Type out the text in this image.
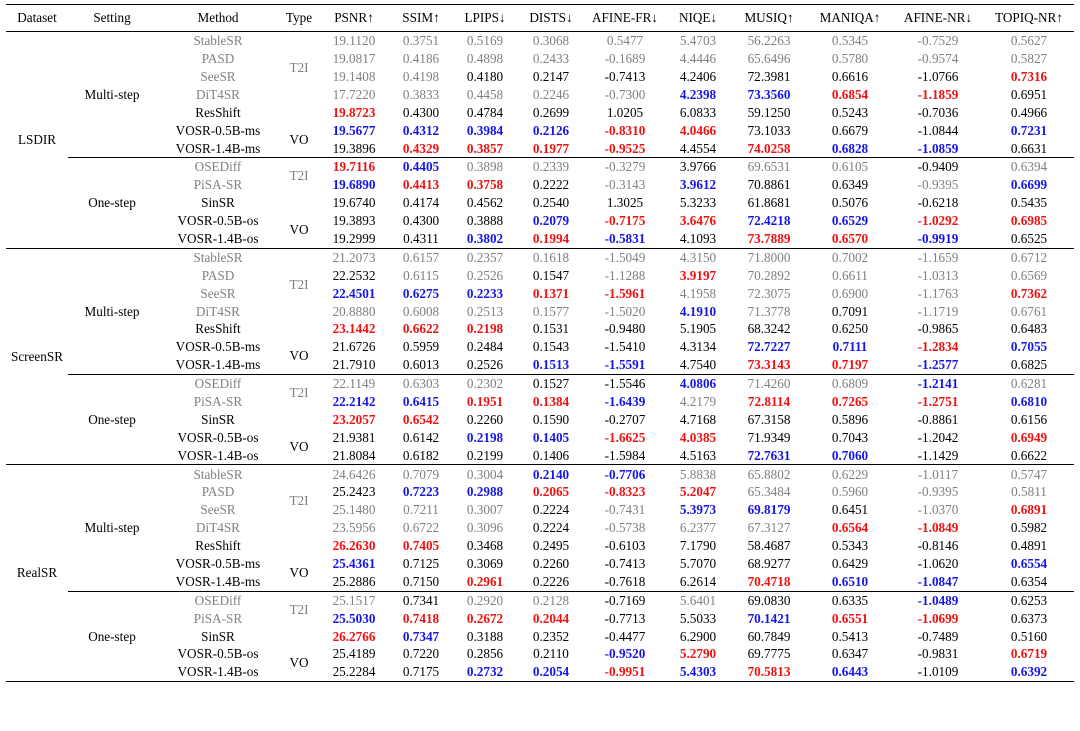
Dataset	Setting	Method	Type	PSNR↑	SSIM↑	LPIPS↓	DISTS↓	AFINE-FR↓	NIQE↓	MUSIQ↑	MANIQA↑	AFINE-NR↓	TOPIQ-NR↑
LSDIR	Multi-step	StableSR	T2I	19.1120	0.3751	0.5169	0.3068	0.5477	5.4703	56.2263	0.5345	-0.7529	0.5627
		PASD		19.0817	0.4186	0.4898	0.2433	-0.1689	4.4446	65.6496	0.5780	-0.9574	0.5827
		SeeSR		19.1408	0.4198	0.4180	0.2147	-0.7413	4.2406	72.3981	0.6616	-1.0766	0.7316
		DiT4SR		17.7220	0.3833	0.4458	0.2246	-0.7300	4.2398	73.3560	0.6854	-1.1859	0.6951
		ResShift		19.8723	0.4300	0.4784	0.2699	1.0205	6.0833	59.1250	0.5243	-0.7036	0.4966
		VOSR-0.5B-ms	VO	19.5677	0.4312	0.3984	0.2126	-0.8310	4.0466	73.1033	0.6679	-1.0844	0.7231
		VOSR-1.4B-ms		19.3896	0.4329	0.3857	0.1977	-0.9525	4.4554	74.0258	0.6828	-1.0859	0.6631
	One-step	OSEDiff	T2I	19.7116	0.4405	0.3898	0.2339	-0.3279	3.9766	69.6531	0.6105	-0.9409	0.6394
		PiSA-SR		19.6890	0.4413	0.3758	0.2222	-0.3143	3.9612	70.8861	0.6349	-0.9395	0.6699
		SinSR		19.6740	0.4174	0.4562	0.2540	1.3025	5.3233	61.8681	0.5076	-0.6218	0.5435
		VOSR-0.5B-os	VO	19.3893	0.4300	0.3888	0.2079	-0.7175	3.6476	72.4218	0.6529	-1.0292	0.6985
		VOSR-1.4B-os		19.2999	0.4311	0.3802	0.1994	-0.5831	4.1093	73.7889	0.6570	-0.9919	0.6525
ScreenSR	Multi-step	StableSR	T2I	21.2073	0.6157	0.2357	0.1618	-1.5049	4.3150	71.8000	0.7002	-1.1659	0.6712
		PASD		22.2532	0.6115	0.2526	0.1547	-1.1288	3.9197	70.2892	0.6611	-1.0313	0.6569
		SeeSR		22.4501	0.6275	0.2233	0.1371	-1.5961	4.1958	72.3075	0.6900	-1.1763	0.7362
		DiT4SR		20.8880	0.6008	0.2513	0.1577	-1.5020	4.1910	71.3778	0.7091	-1.1719	0.6761
		ResShift		23.1442	0.6622	0.2198	0.1531	-0.9480	5.1905	68.3242	0.6250	-0.9865	0.6483
		VOSR-0.5B-ms	VO	21.6726	0.5959	0.2484	0.1543	-1.5410	4.3134	72.7227	0.7111	-1.2834	0.7055
		VOSR-1.4B-ms		21.7910	0.6013	0.2526	0.1513	-1.5591	4.7540	73.3143	0.7197	-1.2577	0.6825
	One-step	OSEDiff	T2I	22.1149	0.6303	0.2302	0.1527	-1.5546	4.0806	71.4260	0.6809	-1.2141	0.6281
		PiSA-SR		22.2142	0.6415	0.1951	0.1384	-1.6439	4.2179	72.8114	0.7265	-1.2751	0.6810
		SinSR		23.2057	0.6542	0.2260	0.1590	-0.2707	4.7168	67.3158	0.5896	-0.8861	0.6156
		VOSR-0.5B-os	VO	21.9381	0.6142	0.2198	0.1405	-1.6625	4.0385	71.9349	0.7043	-1.2042	0.6949
		VOSR-1.4B-os		21.8084	0.6182	0.2199	0.1406	-1.5984	4.5163	72.7631	0.7060	-1.1429	0.6622
RealSR	Multi-step	StableSR	T2I	24.6426	0.7079	0.3004	0.2140	-0.7706	5.8838	65.8802	0.6229	-1.0117	0.5747
		PASD		25.2423	0.7223	0.2988	0.2065	-0.8323	5.2047	65.3484	0.5960	-0.9395	0.5811
		SeeSR		25.1480	0.7211	0.3007	0.2224	-0.7431	5.3973	69.8179	0.6451	-1.0370	0.6891
		DiT4SR		23.5956	0.6722	0.3096	0.2224	-0.5738	6.2377	67.3127	0.6564	-1.0849	0.5982
		ResShift		26.2630	0.7405	0.3468	0.2495	-0.6103	7.1790	58.4687	0.5343	-0.8146	0.4891
		VOSR-0.5B-ms	VO	25.4361	0.7125	0.3069	0.2260	-0.7413	5.7070	68.9277	0.6429	-1.0620	0.6554
		VOSR-1.4B-ms		25.2886	0.7150	0.2961	0.2226	-0.7618	6.2614	70.4718	0.6510	-1.0847	0.6354
	One-step	OSEDiff	T2I	25.1517	0.7341	0.2920	0.2128	-0.7169	5.6401	69.0830	0.6335	-1.0489	0.6253
		PiSA-SR		25.5030	0.7418	0.2672	0.2044	-0.7713	5.5033	70.1421	0.6551	-1.0699	0.6373
		SinSR		26.2766	0.7347	0.3188	0.2352	-0.4477	6.2900	60.7849	0.5413	-0.7489	0.5160
		VOSR-0.5B-os	VO	25.4189	0.7220	0.2856	0.2110	-0.9520	5.2790	69.7775	0.6347	-0.9831	0.6719
		VOSR-1.4B-os		25.2284	0.7175	0.2732	0.2054	-0.9951	5.4303	70.5813	0.6443	-1.0109	0.6392
